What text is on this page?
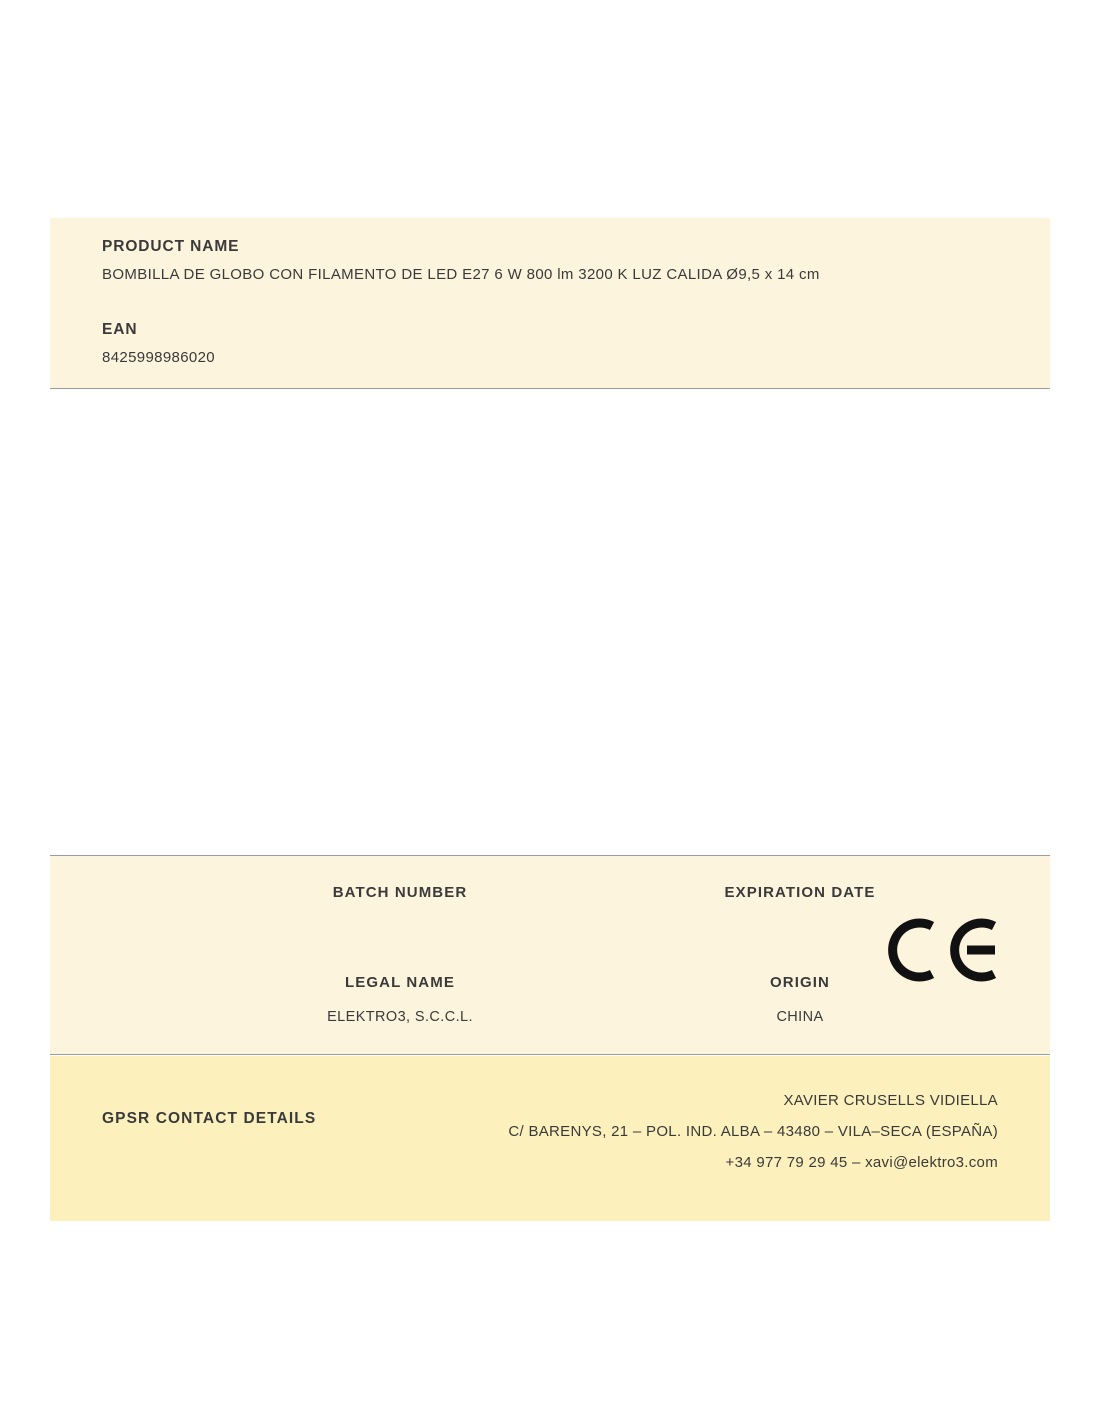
PRODUCT NAME

BOMBILLA DE GLOBO CON FILAMENTO DE LED E27 6 W 800 lm 3200 K LUZ CALIDA Ø9,5 x 14 cm

EAN

8425998986020

BATCH NUMBER	EXPIRATION DATE

LEGAL NAME

ELEKTRO3, S.C.C.L.

ORIGIN

CHINA

GPSR CONTACT DETAILS

XAVIER CRUSELLS VIDIELLA

C/ BARENYS, 21 – POL. IND. ALBA – 43480 – VILA–SECA (ESPAÑA)

+34 977 79 29 45 – xavi@elektro3.com
